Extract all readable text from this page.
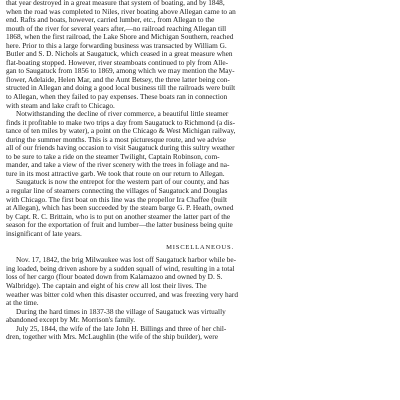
that year destroyed in a great measure that system of boating, and by 1848,
when the road was completed to Niles, river boating above Allegan came to an
end. Rafts and boats, however, carried lumber, etc., from Allegan to the
mouth of the river for several years after,—no railroad reaching Allegan till
1868, when the first railroad, the Lake Shore and Michigan Southern, reached
here. Prior to this a large forwarding business was transacted by William G.
Butler and S. D. Nichols at Saugatuck, which ceased in a great measure when
flat-boating stopped. However, river steamboats continued to ply from Alle-
gan to Saugatuck from 1856 to 1869, among which we may mention the May-
flower, Adelaide, Helen Mar, and the Aunt Betsey, the three latter being con-
structed in Allegan and doing a good local business till the railroads were built
to Allegan, when they failed to pay expenses. These boats ran in connection
with steam and lake craft to Chicago.

Notwithstanding the decline of river commerce, a beautiful little steamer
finds it profitable to make two trips a day from Saugatuck to Richmond (a dis-
tance of ten miles by water), a point on the Chicago & West Michigan railway,
during the summer months. This is a most picturesque route, and we advise
all of our friends having occasion to visit Saugatuck during this sultry weather
to be sure to take a ride on the steamer Twilight, Captain Robinson, com-
mander, and take a view of the river scenery with the trees in foliage and na-
ture in its most attractive garb. We took that route on our return to Allegan.

Saugatuck is now the entrepot for the western part of our county, and has
a regular line of steamers connecting the villages of Saugatuck and Douglas
with Chicago. The first boat on this line was the propellor Ira Chaffee (built
at Allegan), which has been succeeded by the steam barge G. P. Heath, owned
by Capt. R. C. Brittain, who is to put on another steamer the latter part of the
season for the exportation of fruit and lumber—the latter business being quite
insignificant of late years.

MISCELLANEOUS.

Nov. 17, 1842, the brig Milwaukee was lost off Saugatuck harbor while be-
ing loaded, being driven ashore by a sudden squall of wind, resulting in a total
loss of her cargo (flour boated down from Kalamazoo and owned by D. S.
Walbridge). The captain and eight of his crew all lost their lives. The
weather was bitter cold when this disaster occurred, and was freezing very hard
at the time.

During the hard times in 1837-38 the village of Saugatuck was virtually
abandoned except by Mr. Morrison's family.

July 25, 1844, the wife of the late John H. Billings and three of her chil-
dren, together with Mrs. McLaughlin (the wife of the ship builder), were
